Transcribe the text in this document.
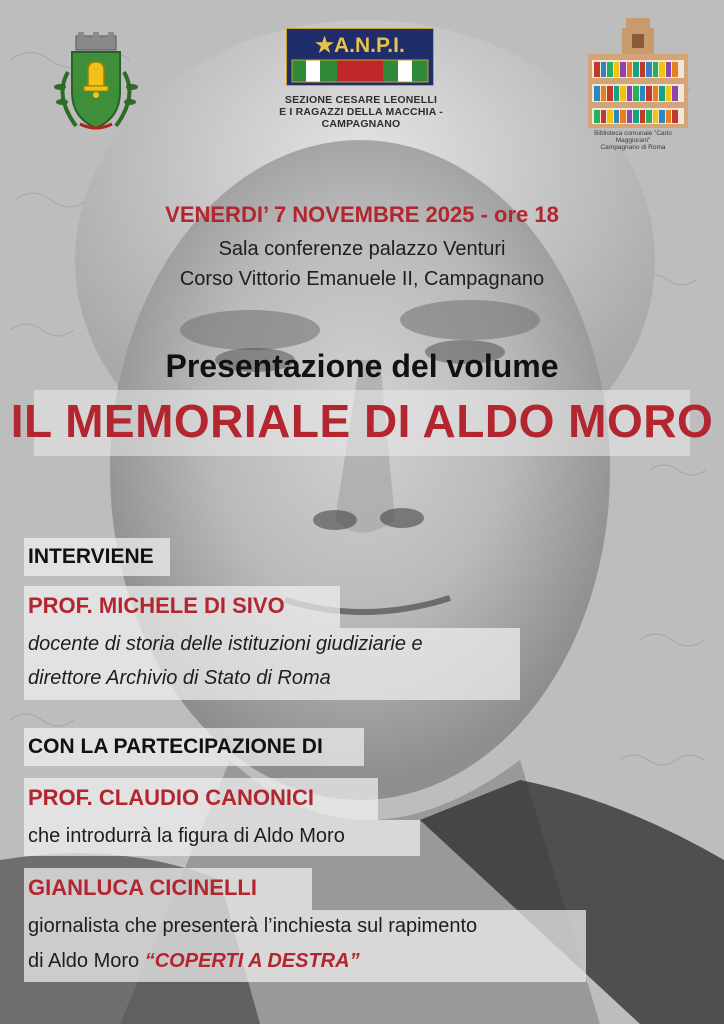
★A.N.P.I.
SEZIONE CESARE LEONELLI
E I RAGAZZI DELLA MACCHIA -
CAMPAGNANO
Biblioteca comunale "Carlo Maggiorani"
Campagnano di Roma
VENERDI’ 7 NOVEMBRE 2025 - ore 18
Sala conferenze palazzo Venturi
Corso Vittorio Emanuele II, Campagnano
Presentazione del volume
IL MEMORIALE DI ALDO MORO
INTERVIENE
PROF. MICHELE DI SIVO
docente di storia delle istituzioni giudiziarie e
direttore Archivio di Stato di Roma
CON LA PARTECIPAZIONE DI
PROF. CLAUDIO CANONICI
che introdurrà la figura di Aldo Moro
GIANLUCA CICINELLI
giornalista che presenterà l’inchiesta sul rapimento
di Aldo Moro “COPERTI A DESTRA”
